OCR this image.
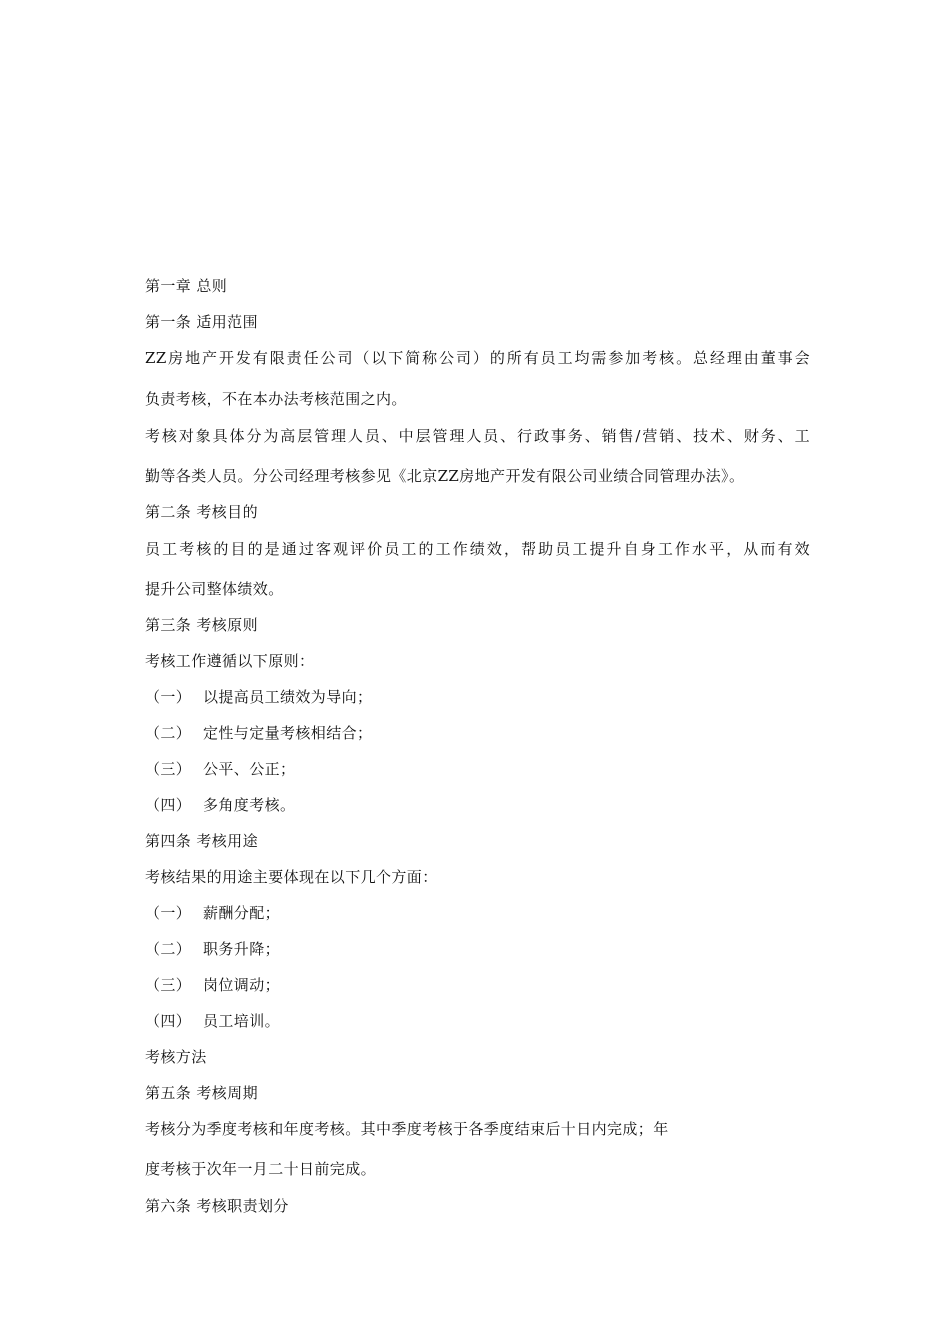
第一章 总则
第一条 适用范围
ZZ房地产开发有限责任公司（以下简称公司）的所有员工均需参加考核。总经理由董事会
负责考核，不在本办法考核范围之内。
考核对象具体分为高层管理人员、中层管理人员、行政事务、销售/营销、技术、财务、工
勤等各类人员。分公司经理考核参见《北京ZZ房地产开发有限公司业绩合同管理办法》。
第二条 考核目的
员工考核的目的是通过客观评价员工的工作绩效，帮助员工提升自身工作水平，从而有效
提升公司整体绩效。
第三条 考核原则
考核工作遵循以下原则：
（一） 以提高员工绩效为导向；
（二） 定性与定量考核相结合；
（三） 公平、公正；
（四） 多角度考核。
第四条 考核用途
考核结果的用途主要体现在以下几个方面：
（一） 薪酬分配；
（二） 职务升降；
（三） 岗位调动；
（四） 员工培训。
考核方法
第五条 考核周期
考核分为季度考核和年度考核。其中季度考核于各季度结束后十日内完成；年
度考核于次年一月二十日前完成。
第六条 考核职责划分
